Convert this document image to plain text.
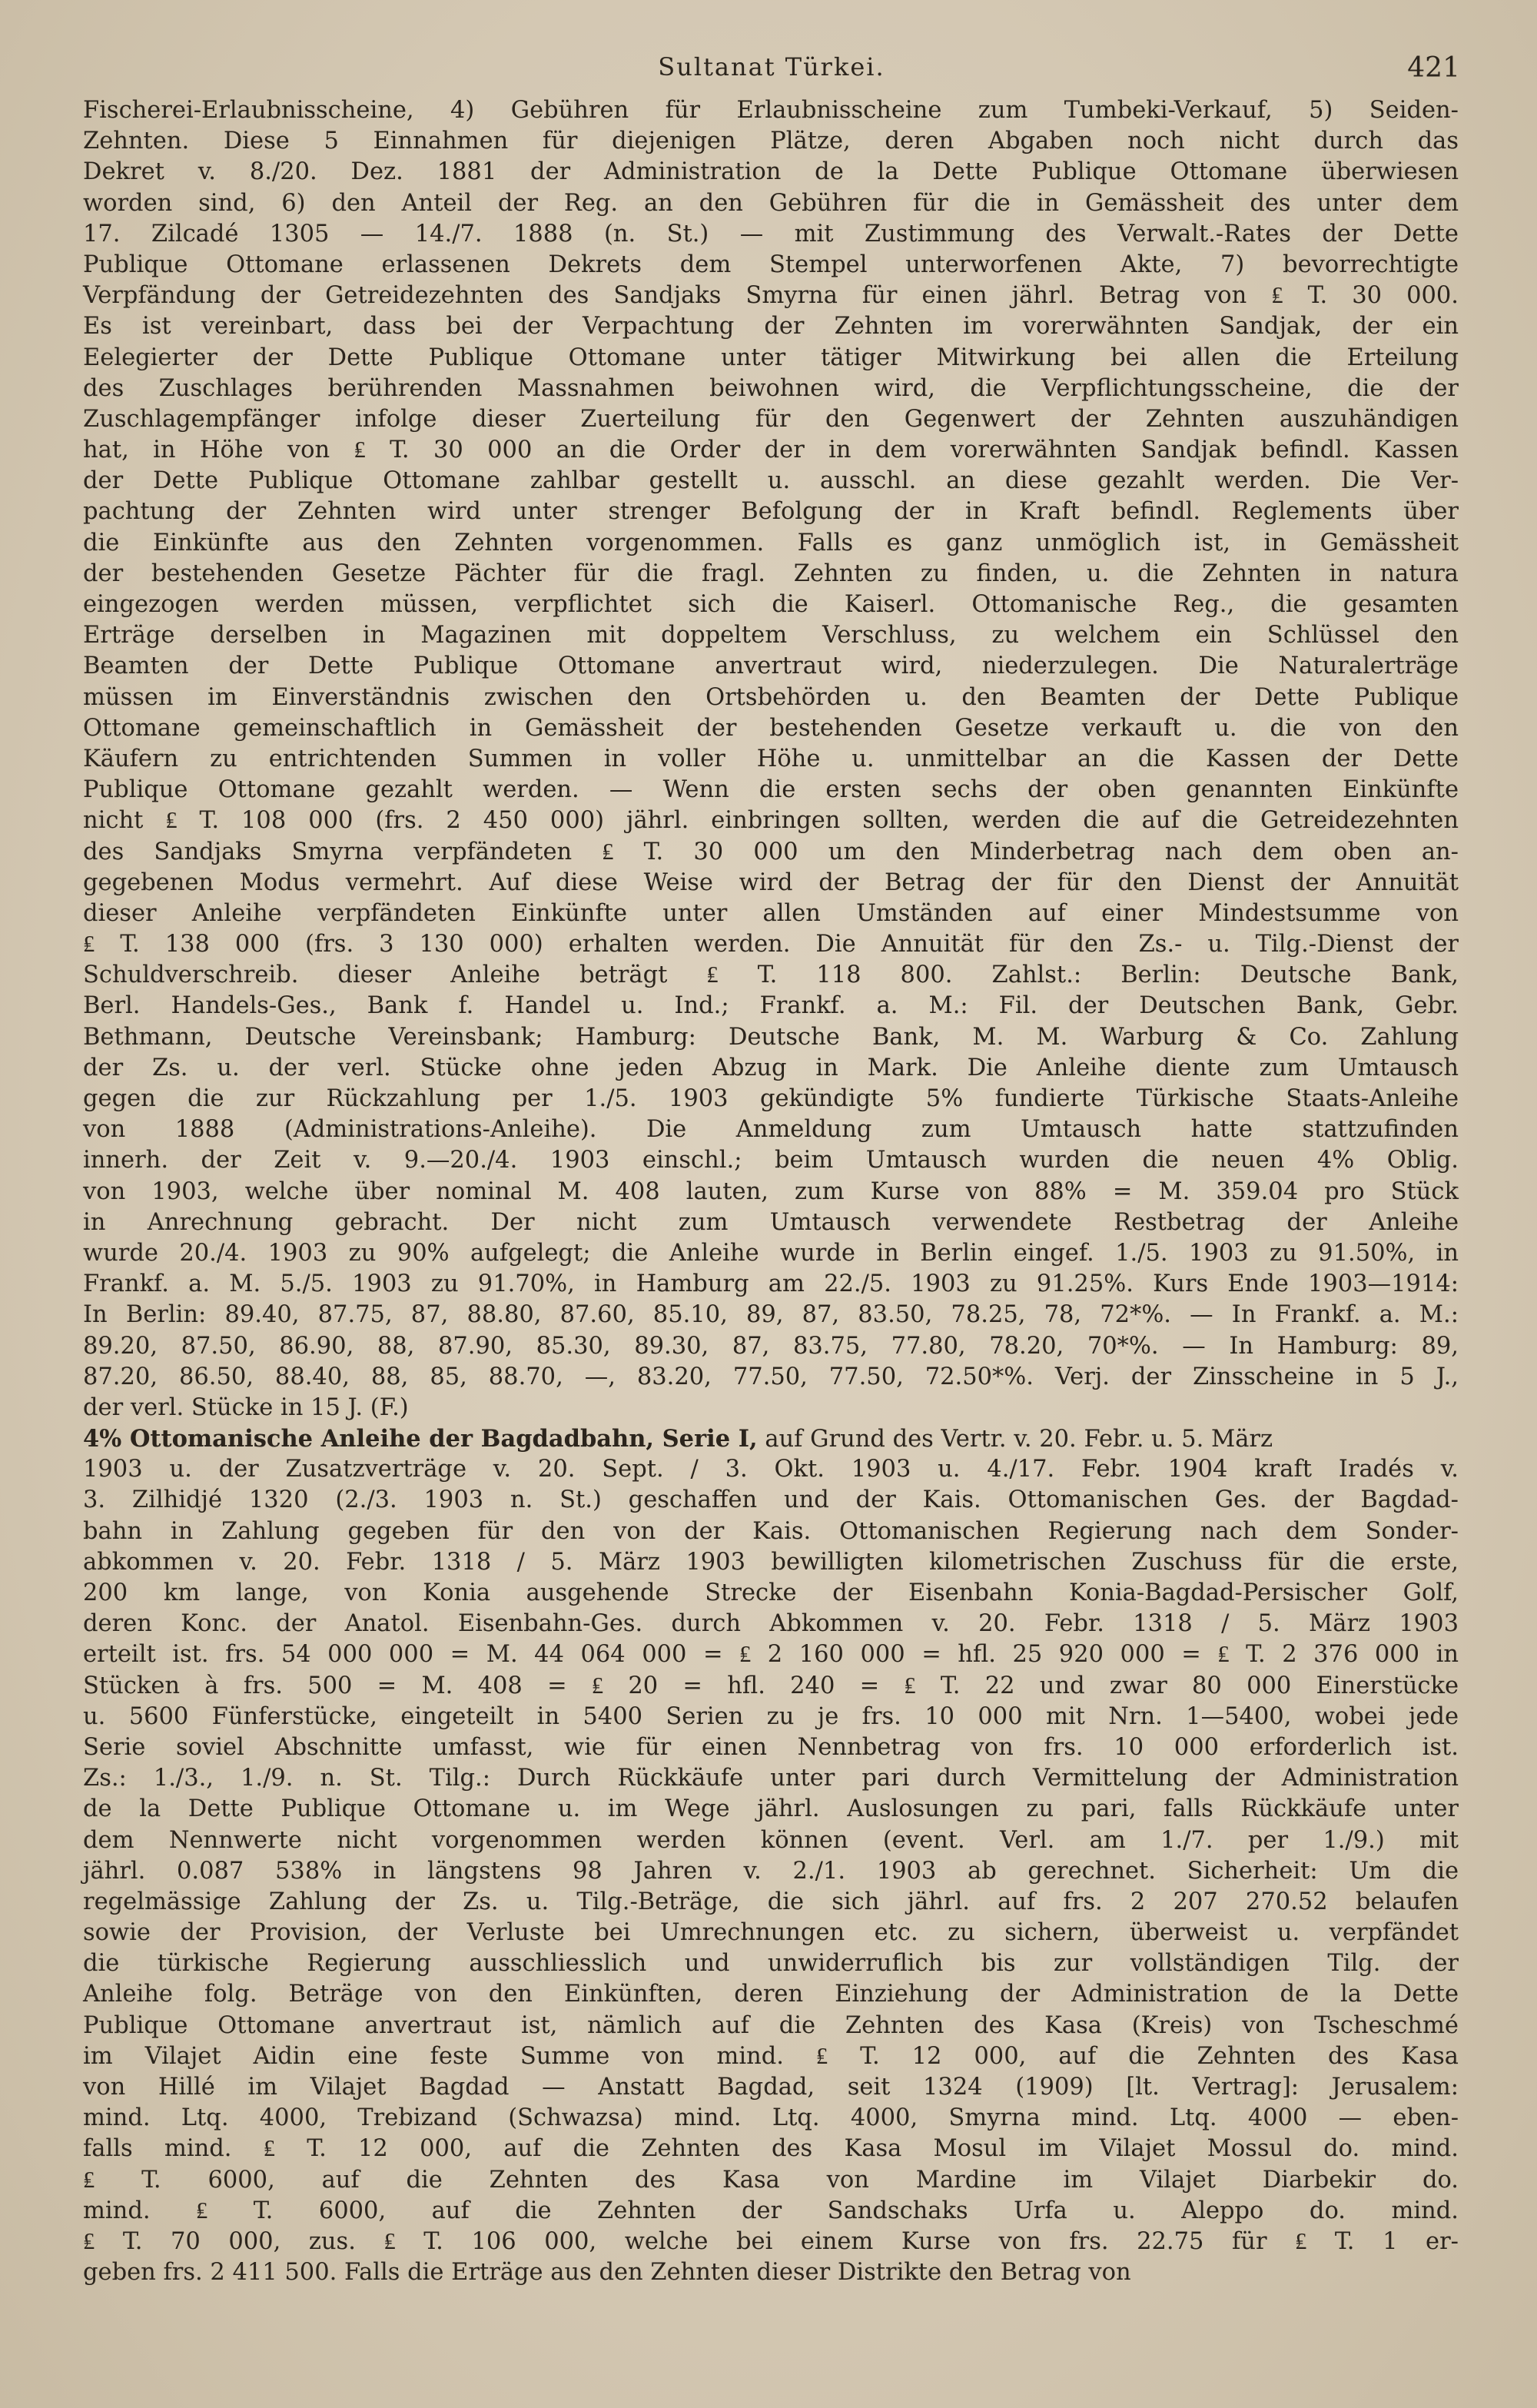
Sultanat Türkei.	421
Fischerei-Erlaubnisscheine, 4) Gebühren für Erlaubnisscheine zum Tumbeki-Verkauf, 5) Seiden-
Zehnten. Diese 5 Einnahmen für diejenigen Plätze, deren Abgaben noch nicht durch das
Dekret v. 8./20. Dez. 1881 der Administration de la Dette Publique Ottomane überwiesen
worden sind, 6) den Anteil der Reg. an den Gebühren für die in Gemässheit des unter dem
17. Zilcadé 1305 — 14./7. 1888 (n. St.) — mit Zustimmung des Verwalt.-Rates der Dette
Publique Ottomane erlassenen Dekrets dem Stempel unterworfenen Akte, 7) bevorrechtigte
Verpfändung der Getreidezehnten des Sandjaks Smyrna für einen jährl. Betrag von ₤ T. 30 000.
Es ist vereinbart, dass bei der Verpachtung der Zehnten im vorerwähnten Sandjak, der ein
Eelegierter der Dette Publique Ottomane unter tätiger Mitwirkung bei allen die Erteilung
des Zuschlages berührenden Massnahmen beiwohnen wird, die Verpflichtungsscheine, die der
Zuschlagempfänger infolge dieser Zuerteilung für den Gegenwert der Zehnten auszuhändigen
hat, in Höhe von ₤ T. 30 000 an die Order der in dem vorerwähnten Sandjak befindl. Kassen
der Dette Publique Ottomane zahlbar gestellt u. ausschl. an diese gezahlt werden. Die Ver-
pachtung der Zehnten wird unter strenger Befolgung der in Kraft befindl. Reglements über
die Einkünfte aus den Zehnten vorgenommen. Falls es ganz unmöglich ist, in Gemässheit
der bestehenden Gesetze Pächter für die fragl. Zehnten zu finden, u. die Zehnten in natura
eingezogen werden müssen, verpflichtet sich die Kaiserl. Ottomanische Reg., die gesamten
Erträge derselben in Magazinen mit doppeltem Verschluss, zu welchem ein Schlüssel den
Beamten der Dette Publique Ottomane anvertraut wird, niederzulegen. Die Naturalerträge
müssen im Einverständnis zwischen den Ortsbehörden u. den Beamten der Dette Publique
Ottomane gemeinschaftlich in Gemässheit der bestehenden Gesetze verkauft u. die von den
Käufern zu entrichtenden Summen in voller Höhe u. unmittelbar an die Kassen der Dette
Publique Ottomane gezahlt werden. — Wenn die ersten sechs der oben genannten Einkünfte
nicht ₤ T. 108 000 (frs. 2 450 000) jährl. einbringen sollten, werden die auf die Getreidezehnten
des Sandjaks Smyrna verpfändeten ₤ T. 30 000 um den Minderbetrag nach dem oben an-
gegebenen Modus vermehrt. Auf diese Weise wird der Betrag der für den Dienst der Annuität
dieser Anleihe verpfändeten Einkünfte unter allen Umständen auf einer Mindestsumme von
₤ T. 138 000 (frs. 3 130 000) erhalten werden. Die Annuität für den Zs.- u. Tilg.-Dienst der
Schuldverschreib. dieser Anleihe beträgt ₤ T. 118 800. Zahlst.: Berlin: Deutsche Bank,
Berl. Handels-Ges., Bank f. Handel u. Ind.; Frankf. a. M.: Fil. der Deutschen Bank, Gebr.
Bethmann, Deutsche Vereinsbank; Hamburg: Deutsche Bank, M. M. Warburg & Co. Zahlung
der Zs. u. der verl. Stücke ohne jeden Abzug in Mark. Die Anleihe diente zum Umtausch
gegen die zur Rückzahlung per 1./5. 1903 gekündigte 5% fundierte Türkische Staats-Anleihe
von 1888 (Administrations-Anleihe). Die Anmeldung zum Umtausch hatte stattzufinden
innerh. der Zeit v. 9.—20./4. 1903 einschl.; beim Umtausch wurden die neuen 4% Oblig.
von 1903, welche über nominal M. 408 lauten, zum Kurse von 88% = M. 359.04 pro Stück
in Anrechnung gebracht. Der nicht zum Umtausch verwendete Restbetrag der Anleihe
wurde 20./4. 1903 zu 90% aufgelegt; die Anleihe wurde in Berlin eingef. 1./5. 1903 zu 91.50%, in
Frankf. a. M. 5./5. 1903 zu 91.70%, in Hamburg am 22./5. 1903 zu 91.25%. Kurs Ende 1903—1914:
In Berlin: 89.40, 87.75, 87, 88.80, 87.60, 85.10, 89, 87, 83.50, 78.25, 78, 72*%. — In Frankf. a. M.:
89.20, 87.50, 86.90, 88, 87.90, 85.30, 89.30, 87, 83.75, 77.80, 78.20, 70*%. — In Hamburg: 89,
87.20, 86.50, 88.40, 88, 85, 88.70, —, 83.20, 77.50, 77.50, 72.50*%. Verj. der Zinsscheine in 5 J.,
der verl. Stücke in 15 J. (F.)
4% Ottomanische Anleihe der Bagdadbahn, Serie I, auf Grund des Vertr. v. 20. Febr. u. 5. März
1903 u. der Zusatzverträge v. 20. Sept. / 3. Okt. 1903 u. 4./17. Febr. 1904 kraft Iradés v.
3. Zilhidjé 1320 (2./3. 1903 n. St.) geschaffen und der Kais. Ottomanischen Ges. der Bagdad-
bahn in Zahlung gegeben für den von der Kais. Ottomanischen Regierung nach dem Sonder-
abkommen v. 20. Febr. 1318 / 5. März 1903 bewilligten kilometrischen Zuschuss für die erste,
200 km lange, von Konia ausgehende Strecke der Eisenbahn Konia-Bagdad-Persischer Golf,
deren Konc. der Anatol. Eisenbahn-Ges. durch Abkommen v. 20. Febr. 1318 / 5. März 1903
erteilt ist. frs. 54 000 000 = M. 44 064 000 = ₤ 2 160 000 = hfl. 25 920 000 = ₤ T. 2 376 000 in
Stücken à frs. 500 = M. 408 = ₤ 20 = hfl. 240 = ₤ T. 22 und zwar 80 000 Einerstücke
u. 5600 Fünferstücke, eingeteilt in 5400 Serien zu je frs. 10 000 mit Nrn. 1—5400, wobei jede
Serie soviel Abschnitte umfasst, wie für einen Nennbetrag von frs. 10 000 erforderlich ist.
Zs.: 1./3., 1./9. n. St. Tilg.: Durch Rückkäufe unter pari durch Vermittelung der Administration
de la Dette Publique Ottomane u. im Wege jährl. Auslosungen zu pari, falls Rückkäufe unter
dem Nennwerte nicht vorgenommen werden können (event. Verl. am 1./7. per 1./9.) mit
jährl. 0.087 538% in längstens 98 Jahren v. 2./1. 1903 ab gerechnet. Sicherheit: Um die
regelmässige Zahlung der Zs. u. Tilg.-Beträge, die sich jährl. auf frs. 2 207 270.52 belaufen
sowie der Provision, der Verluste bei Umrechnungen etc. zu sichern, überweist u. verpfändet
die türkische Regierung ausschliesslich und unwiderruflich bis zur vollständigen Tilg. der
Anleihe folg. Beträge von den Einkünften, deren Einziehung der Administration de la Dette
Publique Ottomane anvertraut ist, nämlich auf die Zehnten des Kasa (Kreis) von Tscheschmé
im Vilajet Aidin eine feste Summe von mind. ₤ T. 12 000, auf die Zehnten des Kasa
von Hillé im Vilajet Bagdad — Anstatt Bagdad, seit 1324 (1909) [lt. Vertrag]: Jerusalem:
mind. Ltq. 4000, Trebizand (Schwazsa) mind. Ltq. 4000, Smyrna mind. Ltq. 4000 — eben-
falls mind. ₤ T. 12 000, auf die Zehnten des Kasa Mosul im Vilajet Mossul do. mind.
₤ T. 6000, auf die Zehnten des Kasa von Mardine im Vilajet Diarbekir do.
mind. ₤ T. 6000, auf die Zehnten der Sandschaks Urfa u. Aleppo do. mind.
₤ T. 70 000, zus. ₤ T. 106 000, welche bei einem Kurse von frs. 22.75 für ₤ T. 1 er-
geben frs. 2 411 500. Falls die Erträge aus den Zehnten dieser Distrikte den Betrag von
